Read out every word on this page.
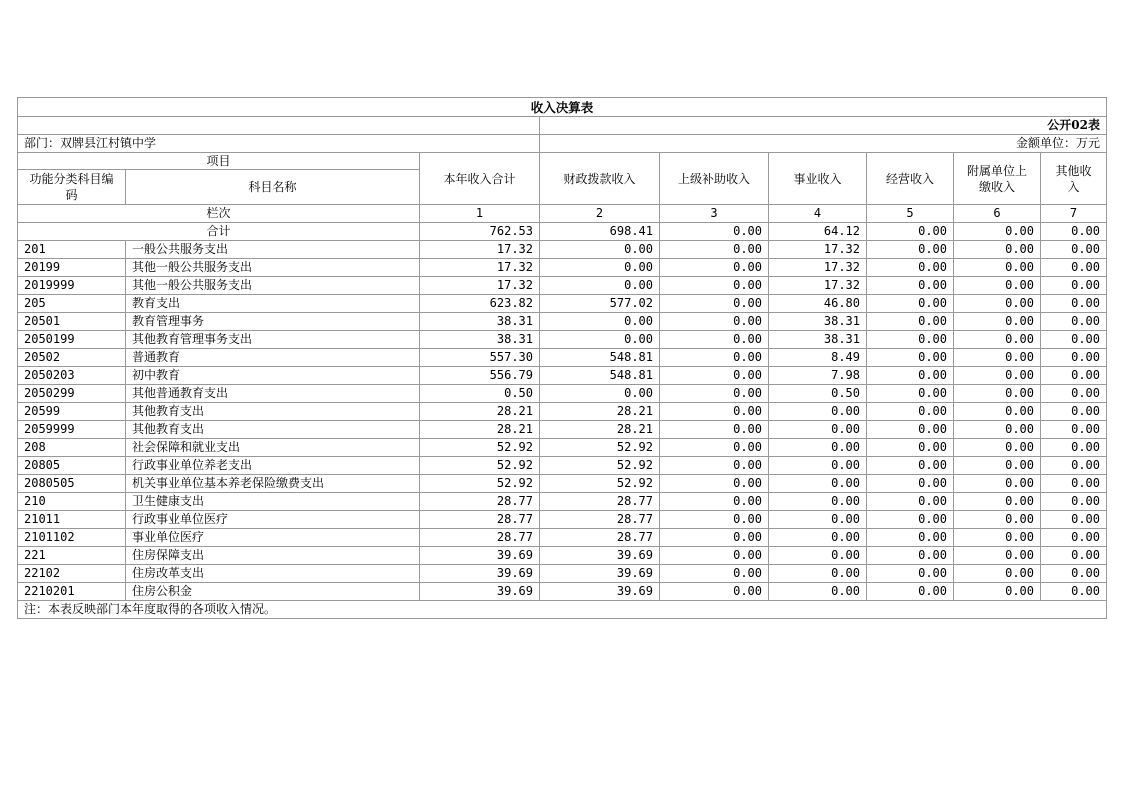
收入决算表								
			公开02表					
部门：双牌县江村镇中学			金额单位：万元					
项目		本年收入合计	财政拨款收入	上级补助收入	事业收入	经营收入	附属单位上缴收入	其他收入
功能分类科目编码	科目名称							
栏次		1	2	3	4	5	6	7
合计		762.53	698.41	0.00	64.12	0.00	0.00	0.00
201	一般公共服务支出	17.32	0.00	0.00	17.32	0.00	0.00	0.00
20199	其他一般公共服务支出	17.32	0.00	0.00	17.32	0.00	0.00	0.00
2019999	其他一般公共服务支出	17.32	0.00	0.00	17.32	0.00	0.00	0.00
205	教育支出	623.82	577.02	0.00	46.80	0.00	0.00	0.00
20501	教育管理事务	38.31	0.00	0.00	38.31	0.00	0.00	0.00
2050199	其他教育管理事务支出	38.31	0.00	0.00	38.31	0.00	0.00	0.00
20502	普通教育	557.30	548.81	0.00	8.49	0.00	0.00	0.00
2050203	初中教育	556.79	548.81	0.00	7.98	0.00	0.00	0.00
2050299	其他普通教育支出	0.50	0.00	0.00	0.50	0.00	0.00	0.00
20599	其他教育支出	28.21	28.21	0.00	0.00	0.00	0.00	0.00
2059999	其他教育支出	28.21	28.21	0.00	0.00	0.00	0.00	0.00
208	社会保障和就业支出	52.92	52.92	0.00	0.00	0.00	0.00	0.00
20805	行政事业单位养老支出	52.92	52.92	0.00	0.00	0.00	0.00	0.00
2080505	机关事业单位基本养老保险缴费支出	52.92	52.92	0.00	0.00	0.00	0.00	0.00
210	卫生健康支出	28.77	28.77	0.00	0.00	0.00	0.00	0.00
21011	行政事业单位医疗	28.77	28.77	0.00	0.00	0.00	0.00	0.00
2101102	事业单位医疗	28.77	28.77	0.00	0.00	0.00	0.00	0.00
221	住房保障支出	39.69	39.69	0.00	0.00	0.00	0.00	0.00
22102	住房改革支出	39.69	39.69	0.00	0.00	0.00	0.00	0.00
2210201	住房公积金	39.69	39.69	0.00	0.00	0.00	0.00	0.00
注：本表反映部门本年度取得的各项收入情况。								
